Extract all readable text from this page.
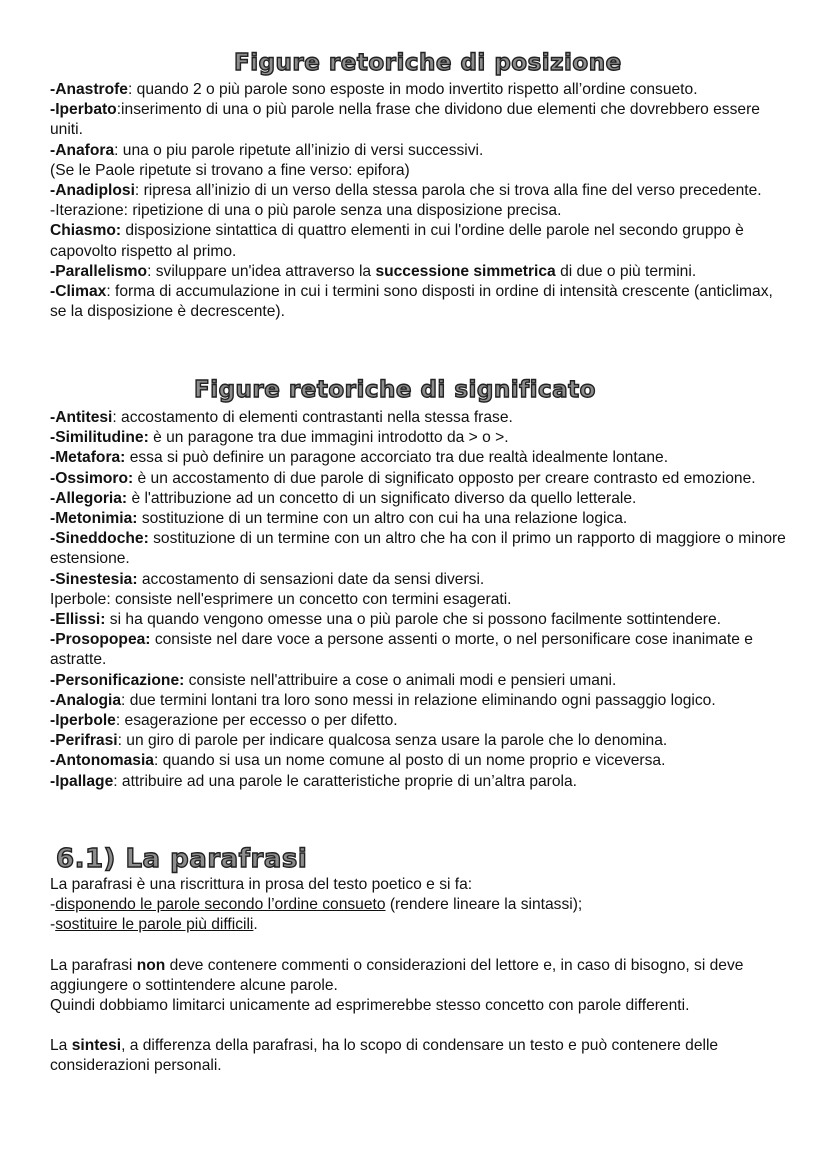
Figure retoriche di posizione

-Anastrofe: quando 2 o più parole sono esposte in modo invertito rispetto all’ordine consueto.

-Iperbato:inserimento di una o più parole nella frase che dividono due elementi che dovrebbero essere uniti.

-Anafora: una o piu parole ripetute all’inizio di versi successivi.

(Se le Paole ripetute si trovano a fine verso: epifora)

-Anadiplosi: ripresa all’inizio di un verso della stessa parola che si trova alla fine del verso precedente.

-Iterazione: ripetizione di una o più parole senza una disposizione precisa.

Chiasmo: disposizione sintattica di quattro elementi in cui l'ordine delle parole nel secondo gruppo è capovolto rispetto al primo.

-Parallelismo: sviluppare un'idea attraverso la successione simmetrica di due o più termini.

-Climax: forma di accumulazione in cui i termini sono disposti in ordine di intensità crescente (anticlimax, se la disposizione è decrescente).

Figure retoriche di significato

-Antitesi: accostamento di elementi contrastanti nella stessa frase.

-Similitudine: è un paragone tra due immagini introdotto da > o >.

-Metafora: essa si può definire un paragone accorciato tra due realtà idealmente lontane.

-Ossimoro: è un accostamento di due parole di significato opposto per creare contrasto ed emozione.

-Allegoria: è l'attribuzione ad un concetto di un significato diverso da quello letterale.

-Metonimia: sostituzione di un termine con un altro con cui ha una relazione logica.

-Sineddoche: sostituzione di un termine con un altro che ha con il primo un rapporto di maggiore o minore estensione.

-Sinestesia: accostamento di sensazioni date da sensi diversi.

Iperbole: consiste nell'esprimere un concetto con termini esagerati.

-Ellissi: si ha quando vengono omesse una o più parole che si possono facilmente sottintendere.

-Prosopopea: consiste nel dare voce a persone assenti o morte, o nel personificare cose inanimate e astratte.

-Personificazione: consiste nell'attribuire a cose o animali modi e pensieri umani.

-Analogia: due termini lontani tra loro sono messi in relazione eliminando ogni passaggio logico.

-Iperbole: esagerazione per eccesso o per difetto.

-Perifrasi: un giro di parole per indicare qualcosa senza usare la parole che lo denomina.

-Antonomasia: quando si usa un nome comune al posto di un nome proprio e viceversa.

-Ipallage: attribuire ad una parole le caratteristiche proprie di un’altra parola.

6.1) La parafrasi

La parafrasi è una riscrittura in prosa del testo poetico e si fa:

-disponendo le parole secondo l’ordine consueto (rendere lineare la sintassi);

-sostituire le parole più difficili.

La parafrasi non deve contenere commenti o considerazioni del lettore e, in caso di bisogno, si deve aggiungere o sottintendere alcune parole.

Quindi dobbiamo limitarci unicamente ad esprimerebbe stesso concetto con parole differenti.

La sintesi, a differenza della parafrasi, ha lo scopo di condensare un testo e può contenere delle considerazioni personali.
